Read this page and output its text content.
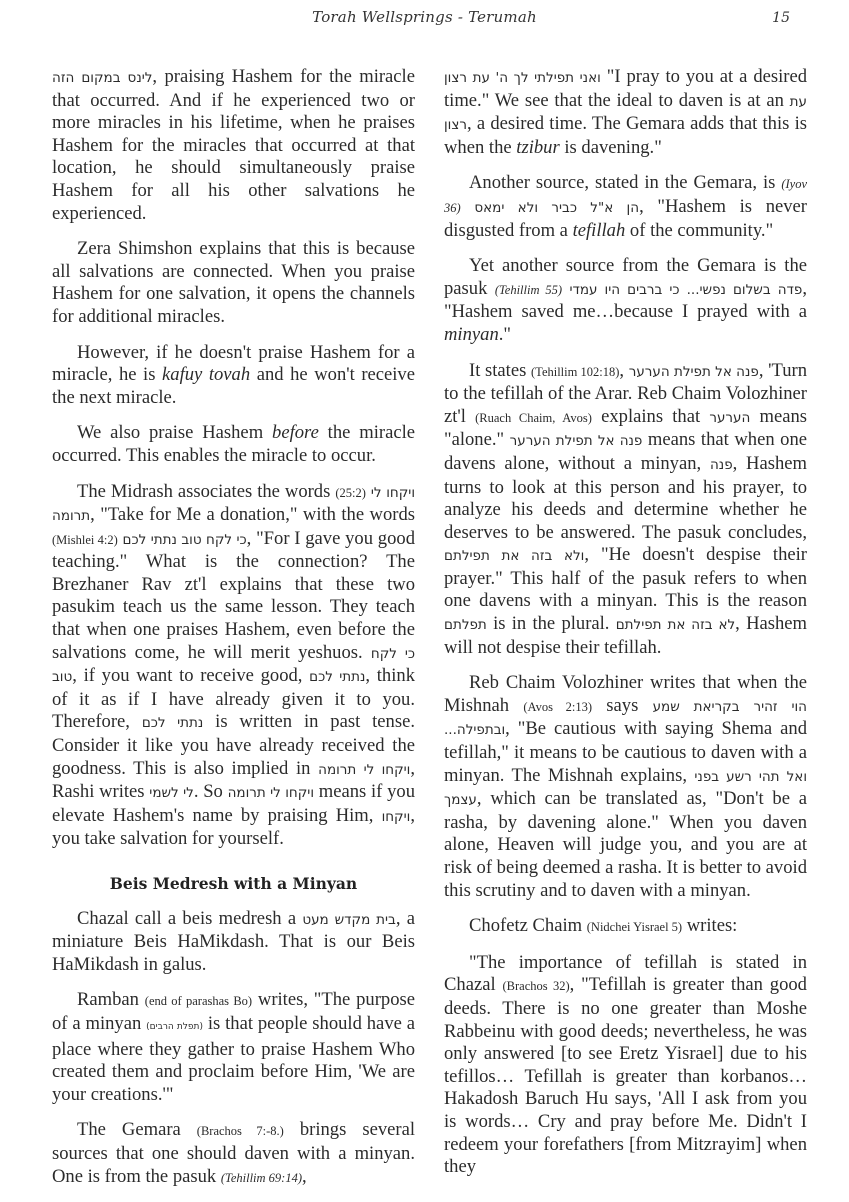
Torah Wellsprings - Terumah	15

לינס במקום הזה, praising Hashem for the miracle that occurred. And if he experienced two or more miracles in his lifetime, when he praises Hashem for the miracles that occurred at that location, he should simultaneously praise Hashem for all his other salvations he experienced.

Zera Shimshon explains that this is because all salvations are connected. When you praise Hashem for one salvation, it opens the channels for additional miracles.

However, if he doesn't praise Hashem for a miracle, he is kafuy tovah and he won't receive the next miracle.

We also praise Hashem before the miracle occurred. This enables the miracle to occur.

The Midrash associates the words (25:2) ויקחו לי תרומה, "Take for Me a donation," with the words (Mishlei 4:2) כי לקח טוב נתתי לכם, "For I gave you good teaching." What is the connection? The Brezhaner Rav zt'l explains that these two pasukim teach us the same lesson. They teach that when one praises Hashem, even before the salvations come, he will merit yeshuos. כי לקח טוב, if you want to receive good, נתתי לכם, think of it as if I have already given it to you. Therefore, נתתי לכם is written in past tense. Consider it like you have already received the goodness. This is also implied in ויקחו לי תרומה, Rashi writes לי לשמי. So ויקחו לי תרומה means if you elevate Hashem's name by praising Him, ויקחו, you take salvation for yourself.

Beis Medresh with a Minyan

Chazal call a beis medresh a בית מקדש מעט, a miniature Beis HaMikdash. That is our Beis HaMikdash in galus.

Ramban (end of parashas Bo) writes, "The purpose of a minyan (תפלת הרבים) is that people should have a place where they gather to praise Hashem Who created them and proclaim before Him, 'We are your creations.'"

The Gemara (Brachos 7:-8.) brings several sources that one should daven with a minyan. One is from the pasuk (Tehillim 69:14),

ואני תפילתי לך ה' עת רצון "I pray to you at a desired time." We see that the ideal to daven is at an עת רצון, a desired time. The Gemara adds that this is when the tzibur is davening."

Another source, stated in the Gemara, is (Iyov 36) הן א"ל כביר ולא ימאס, "Hashem is never disgusted from a tefillah of the community."

Yet another source from the Gemara is the pasuk (Tehillim 55) פדה בשלום נפשי... כי ברבים היו עמדי, "Hashem saved me…because I prayed with a minyan."

It states (Tehillim 102:18), פנה אל תפילת הערער, 'Turn to the tefillah of the Arar. Reb Chaim Volozhiner zt'l (Ruach Chaim, Avos) explains that הערער means "alone." פנה אל תפילת הערער means that when one davens alone, without a minyan, פנה, Hashem turns to look at this person and his prayer, to analyze his deeds and determine whether he deserves to be answered. The pasuk concludes, ולא בזה את תפילתם, "He doesn't despise their prayer." This half of the pasuk refers to when one davens with a minyan. This is the reason תפלתם is in the plural. לא בזה את תפילתם, Hashem will not despise their tefillah.

Reb Chaim Volozhiner writes that when the Mishnah (Avos 2:13) says הוי זהיר בקריאת שמע ובתפילה..., "Be cautious with saying Shema and tefillah," it means to be cautious to daven with a minyan. The Mishnah explains, ואל תהי רשע בפני עצמך, which can be translated as, "Don't be a rasha, by davening alone." When you daven alone, Heaven will judge you, and you are at risk of being deemed a rasha. It is better to avoid this scrutiny and to daven with a minyan.

Chofetz Chaim (Nidchei Yisrael 5) writes:

"The importance of tefillah is stated in Chazal (Brachos 32), "Tefillah is greater than good deeds. There is no one greater than Moshe Rabbeinu with good deeds; nevertheless, he was only answered [to see Eretz Yisrael] due to his tefillos… Tefillah is greater than korbanos… Hakadosh Baruch Hu says, 'All I ask from you is words… Cry and pray before Me. Didn't I redeem your forefathers [from Mitzrayim] when they
